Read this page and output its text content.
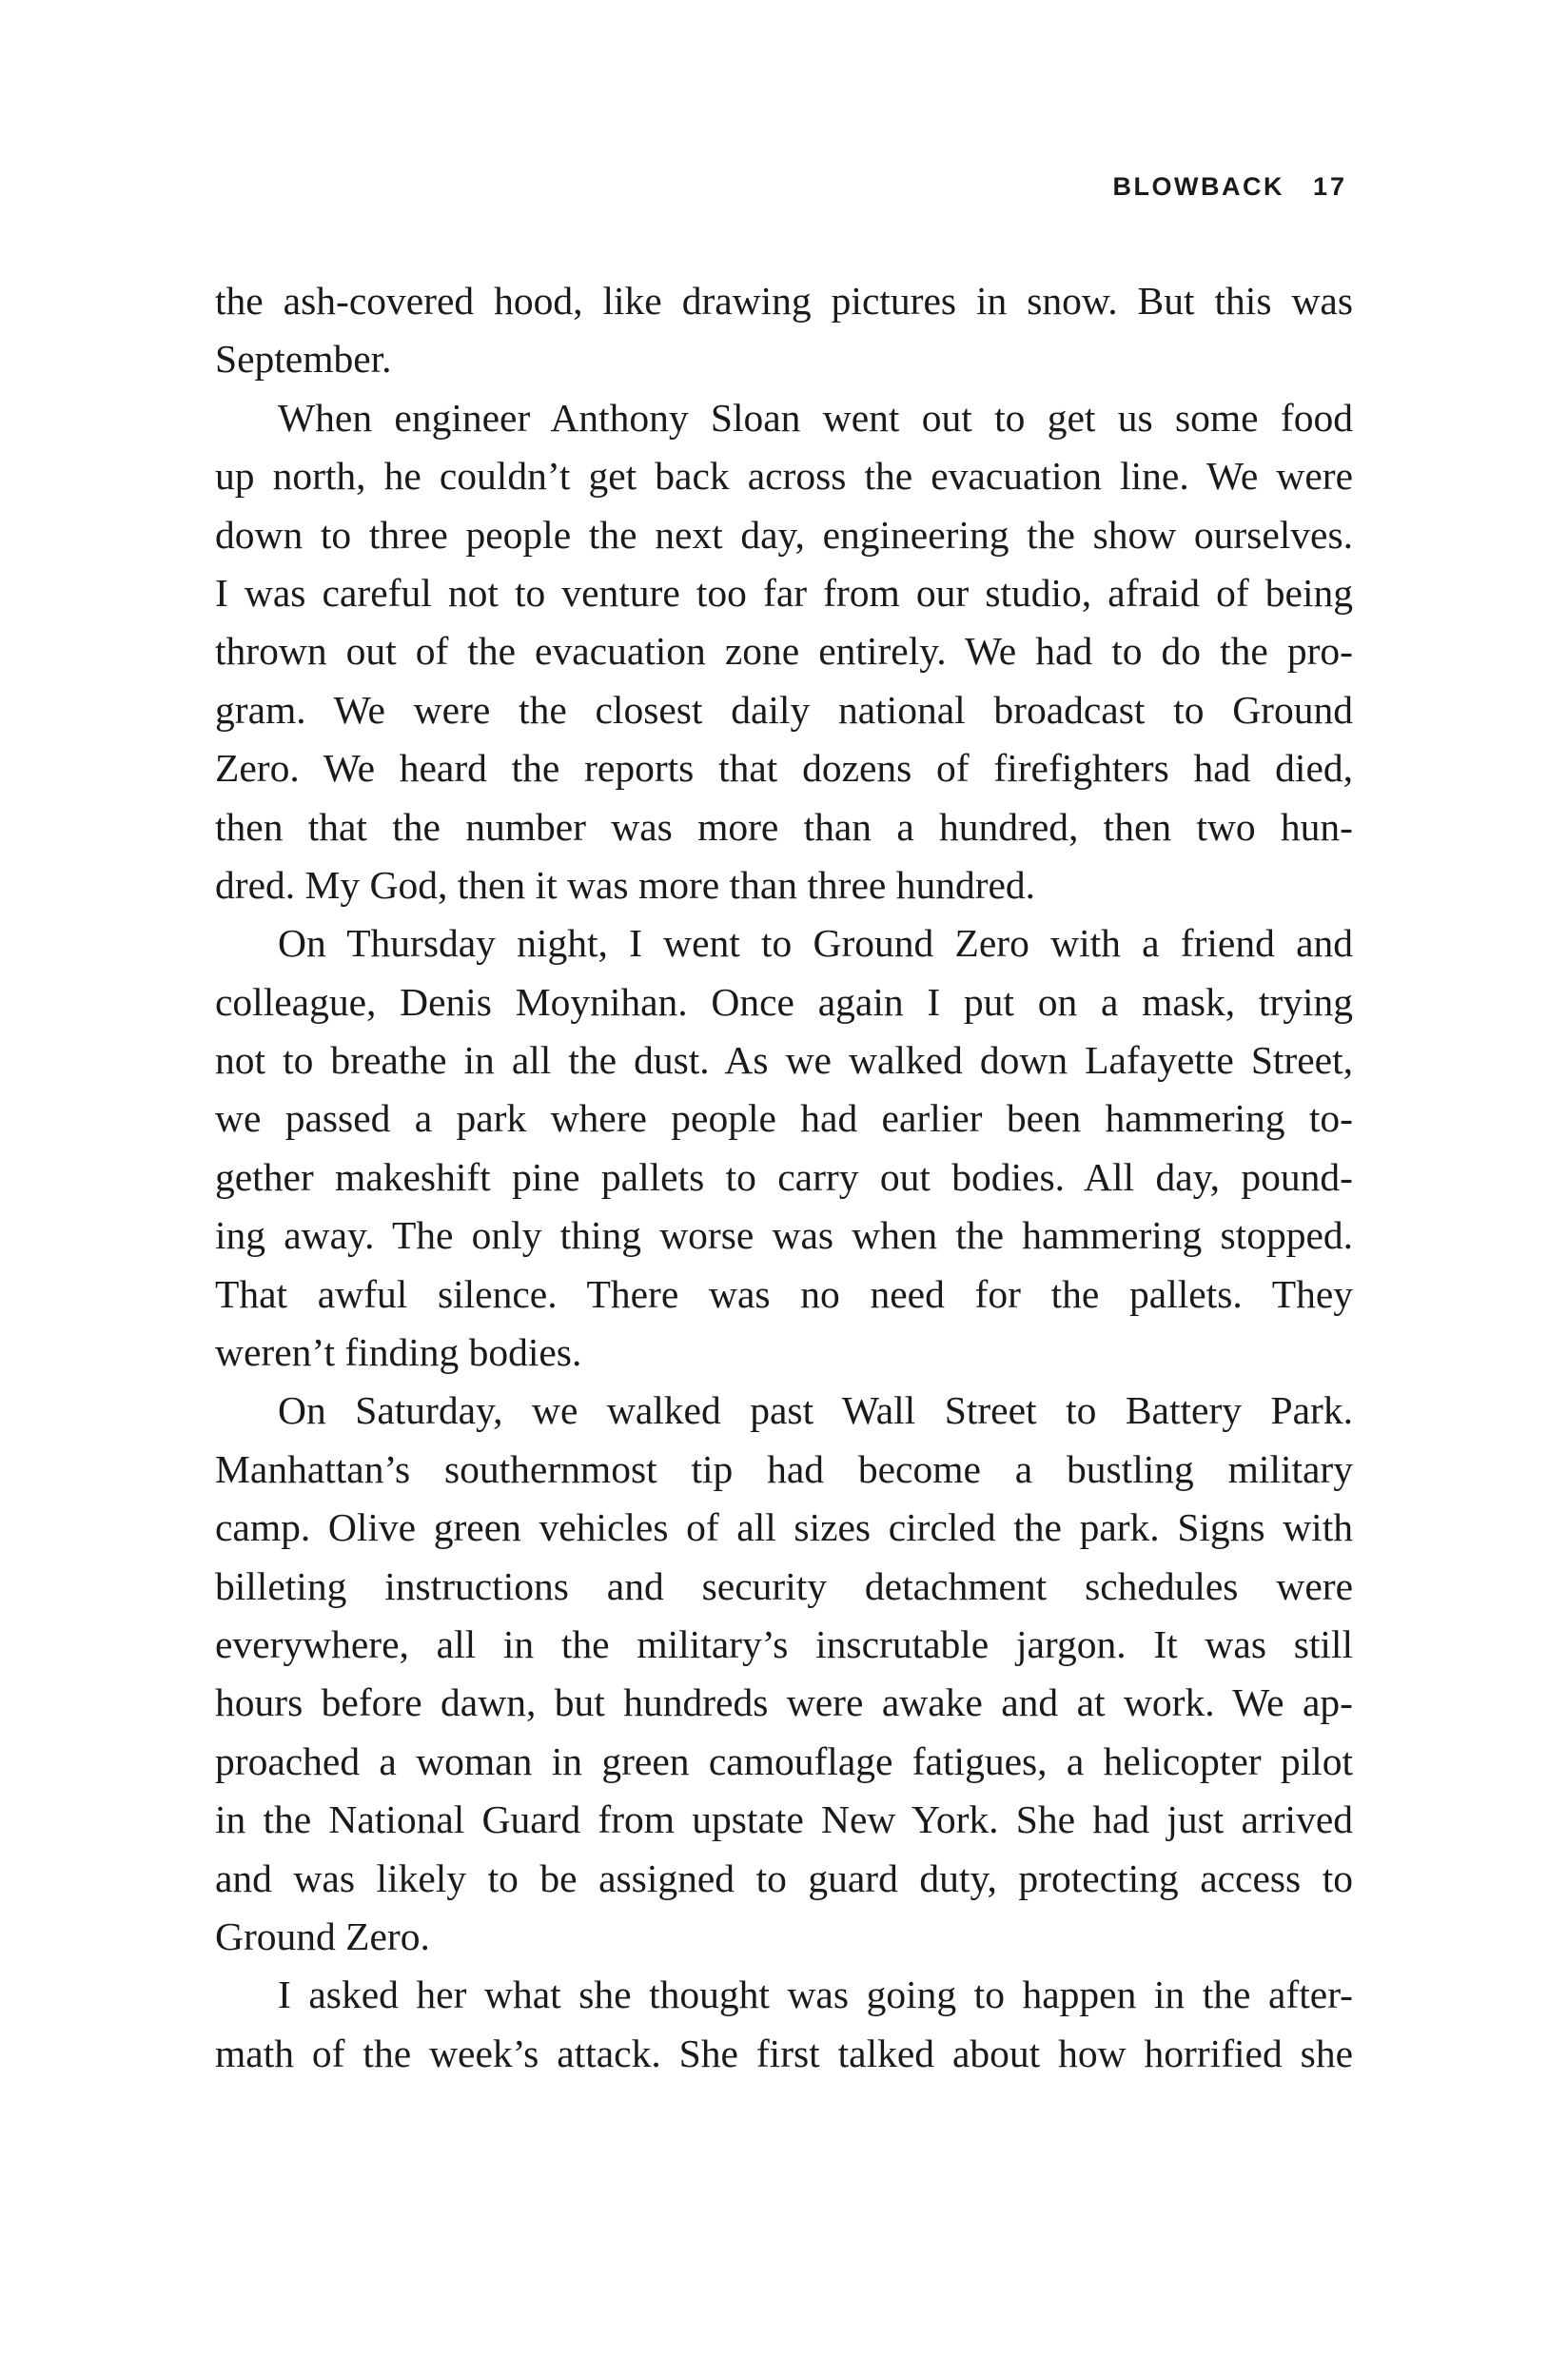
BLOWBACK 17
the ash-covered hood, like drawing pictures in snow. But this was
September.
When engineer Anthony Sloan went out to get us some food
up north, he couldn’t get back across the evacuation line. We were
down to three people the next day, engineering the show ourselves.
I was careful not to venture too far from our studio, afraid of being
thrown out of the evacuation zone entirely. We had to do the pro-
gram. We were the closest daily national broadcast to Ground
Zero. We heard the reports that dozens of firefighters had died,
then that the number was more than a hundred, then two hun-
dred. My God, then it was more than three hundred.
On Thursday night, I went to Ground Zero with a friend and
colleague, Denis Moynihan. Once again I put on a mask, trying
not to breathe in all the dust. As we walked down Lafayette Street,
we passed a park where people had earlier been hammering to-
gether makeshift pine pallets to carry out bodies. All day, pound-
ing away. The only thing worse was when the hammering stopped.
That awful silence. There was no need for the pallets. They
weren’t finding bodies.
On Saturday, we walked past Wall Street to Battery Park.
Manhattan’s southernmost tip had become a bustling military
camp. Olive green vehicles of all sizes circled the park. Signs with
billeting instructions and security detachment schedules were
everywhere, all in the military’s inscrutable jargon. It was still
hours before dawn, but hundreds were awake and at work. We ap-
proached a woman in green camouflage fatigues, a helicopter pilot
in the National Guard from upstate New York. She had just arrived
and was likely to be assigned to guard duty, protecting access to
Ground Zero.
I asked her what she thought was going to happen in the after-
math of the week’s attack. She first talked about how horrified she
